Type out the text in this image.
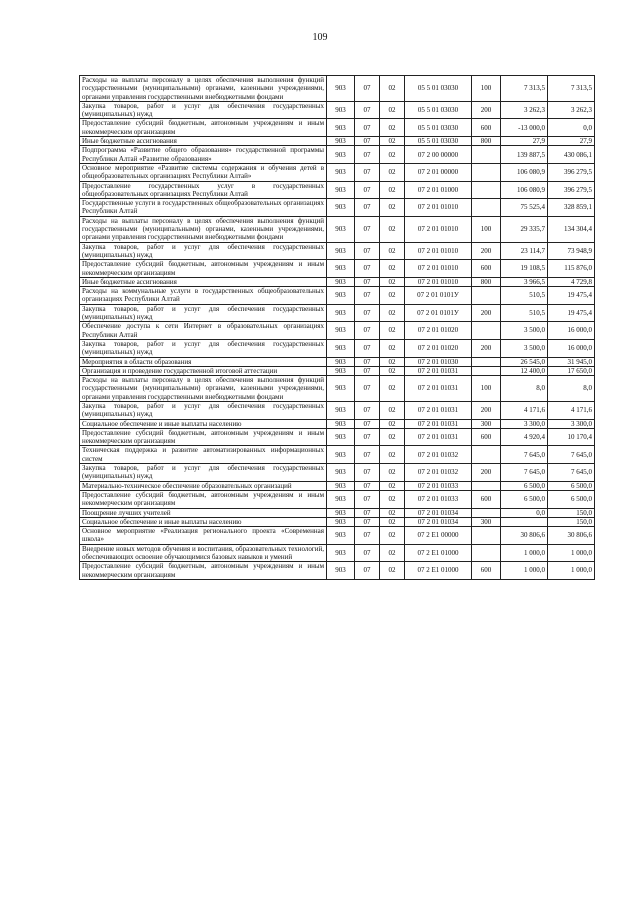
109
Расходы на выплаты персоналу в целях обеспечения выполнения функций государственными (муниципальными) органами, казенными учреждениями, органами управления государственными внебюджетными фондами	903	07	02	05 5 01 03030	100	7 313,5	7 313,5
Закупка товаров, работ и услуг для обеспечения государственных (муниципальных) нужд	903	07	02	05 5 01 03030	200	3 262,3	3 262,3
Предоставление субсидий бюджетным, автономным учреждениям и иным некоммерческим организациям	903	07	02	05 5 01 03030	600	-13 000,0	0,0
Иные бюджетные ассигнования	903	07	02	05 5 01 03030	800	27,9	27,9
Подпрограмма «Развитие общего образования» государственной программы Республики Алтай «Развитие образования»	903	07	02	07 2 00 00000		139 887,5	430 086,1
Основное мероприятие «Развитие системы содержания и обучения детей в общеобразовательных организациях Республики Алтай»	903	07	02	07 2 01 00000		106 080,9	396 279,5
Предоставление государственных услуг в государственных общеобразовательных организациях Республики Алтай	903	07	02	07 2 01 01000		106 080,9	396 279,5
Государственные услуги в государственных общеобразовательных организациях Республики Алтай	903	07	02	07 2 01 01010		75 525,4	328 859,1
Расходы на выплаты персоналу в целях обеспечения выполнения функций государственными (муниципальными) органами, казенными учреждениями, органами управления государственными внебюджетными фондами	903	07	02	07 2 01 01010	100	29 335,7	134 304,4
Закупка товаров, работ и услуг для обеспечения государственных (муниципальных) нужд	903	07	02	07 2 01 01010	200	23 114,7	73 948,9
Предоставление субсидий бюджетным, автономным учреждениям и иным некоммерческим организациям	903	07	02	07 2 01 01010	600	19 108,5	115 876,0
Иные бюджетные ассигнования	903	07	02	07 2 01 01010	800	3 966,5	4 729,8
Расходы на коммунальные услуги в государственных общеобразовательных организациях Республики Алтай	903	07	02	07 2 01 0101У		510,5	19 475,4
Закупка товаров, работ и услуг для обеспечения государственных (муниципальных) нужд	903	07	02	07 2 01 0101У	200	510,5	19 475,4
Обеспечение доступа к сети Интернет в образовательных организациях Республики Алтай	903	07	02	07 2 01 01020		3 500,0	16 000,0
Закупка товаров, работ и услуг для обеспечения государственных (муниципальных) нужд	903	07	02	07 2 01 01020	200	3 500,0	16 000,0
Мероприятия в области образования	903	07	02	07 2 01 01030		26 545,0	31 945,0
Организация и проведение государственной итоговой аттестации	903	07	02	07 2 01 01031		12 400,0	17 650,0
Расходы на выплаты персоналу в целях обеспечения выполнения функций государственными (муниципальными) органами, казенными учреждениями, органами управления государственными внебюджетными фондами	903	07	02	07 2 01 01031	100	8,0	8,0
Закупка товаров, работ и услуг для обеспечения государственных (муниципальных) нужд	903	07	02	07 2 01 01031	200	4 171,6	4 171,6
Социальное обеспечение и иные выплаты населению	903	07	02	07 2 01 01031	300	3 300,0	3 300,0
Предоставление субсидий бюджетным, автономным учреждениям и иным некоммерческим организациям	903	07	02	07 2 01 01031	600	4 920,4	10 170,4
Техническая поддержка и развитие автоматизированных информационных систем	903	07	02	07 2 01 01032		7 645,0	7 645,0
Закупка товаров, работ и услуг для обеспечения государственных (муниципальных) нужд	903	07	02	07 2 01 01032	200	7 645,0	7 645,0
Материально-техническое обеспечение образовательных организаций	903	07	02	07 2 01 01033		6 500,0	6 500,0
Предоставление субсидий бюджетным, автономным учреждениям и иным некоммерческим организациям	903	07	02	07 2 01 01033	600	6 500,0	6 500,0
Поощрение лучших учителей	903	07	02	07 2 01 01034		0,0	150,0
Социальное обеспечение и иные выплаты населению	903	07	02	07 2 01 01034	300		150,0
Основное мероприятие «Реализация регионального проекта «Современная школа»	903	07	02	07 2 E1 00000		30 806,6	30 806,6
Внедрение новых методов обучения и воспитания, образовательных технологий, обеспечивающих освоение обучающимися базовых навыков и умений	903	07	02	07 2 E1 01000		1 000,0	1 000,0
Предоставление субсидий бюджетным, автономным учреждениям и иным некоммерческим организациям	903	07	02	07 2 E1 01000	600	1 000,0	1 000,0
